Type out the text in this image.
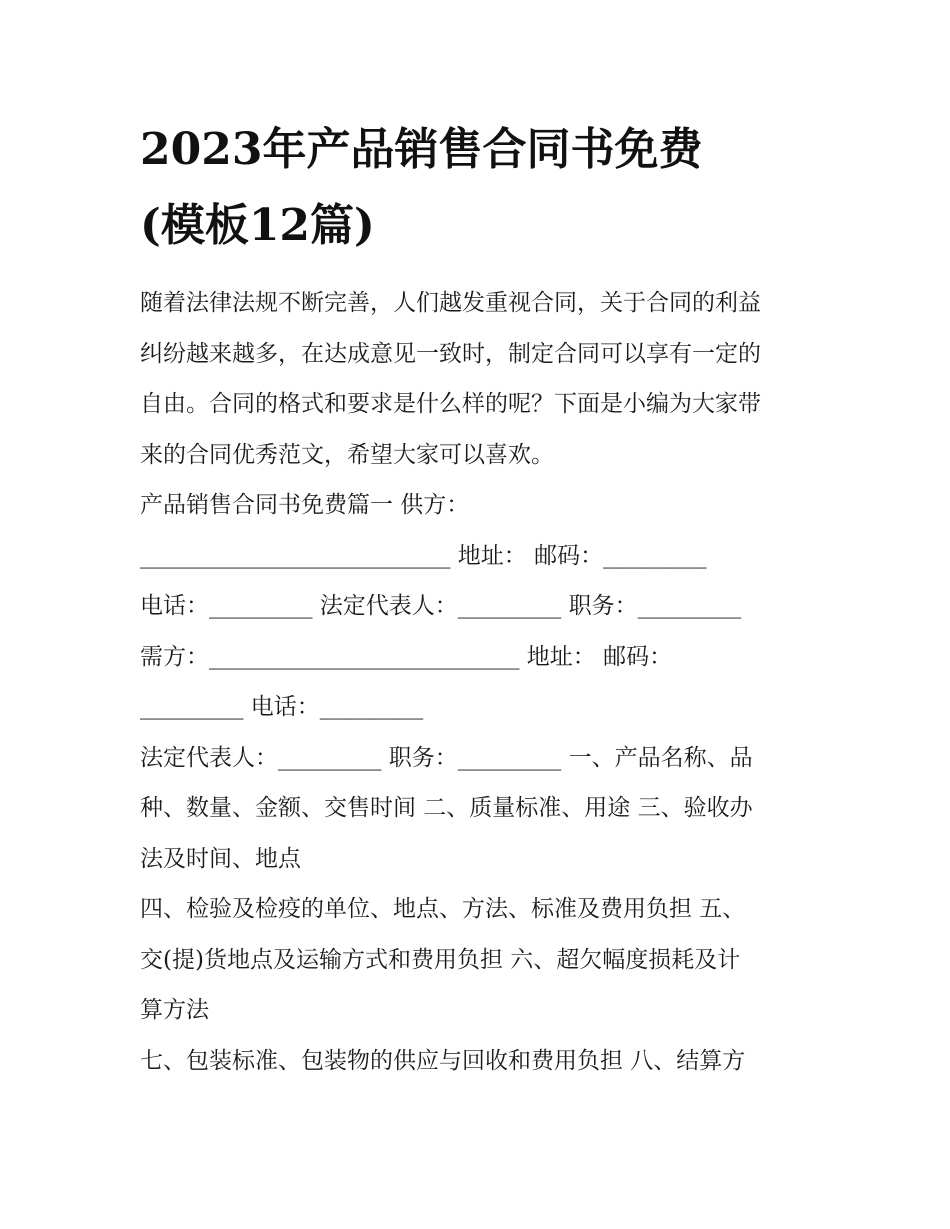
2023年产品销售合同书免费
(模板12篇)
随着法律法规不断完善，人们越发重视合同，关于合同的利益
纠纷越来越多，在达成意见一致时，制定合同可以享有一定的
自由。合同的格式和要求是什么样的呢？下面是小编为大家带
来的合同优秀范文，希望大家可以喜欢。
产品销售合同书免费篇一 供方：
___________________________ 地址： 邮码：_________
电话：_________ 法定代表人：_________ 职务：_________
需方：___________________________ 地址： 邮码：
_________ 电话：_________
法定代表人：_________ 职务：_________ 一、产品名称、品
种、数量、金额、交售时间 二、质量标准、用途 三、验收办
法及时间、地点
四、检验及检疫的单位、地点、方法、标准及费用负担 五、
交(提)货地点及运输方式和费用负担 六、超欠幅度损耗及计
算方法
七、包装标准、包装物的供应与回收和费用负担 八、结算方
